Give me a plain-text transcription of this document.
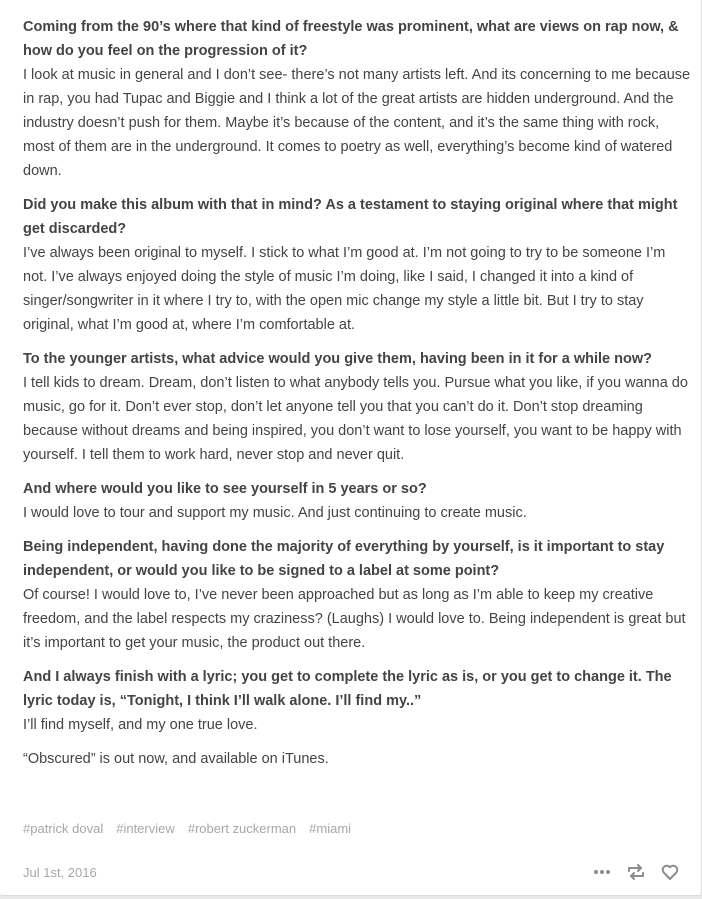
Coming from the 90’s where that kind of freestyle was prominent, what are views on rap now, & how do you feel on the progression of it?

I look at music in general and I don’t see- there’s not many artists left. And its concerning to me because in rap, you had Tupac and Biggie and I think a lot of the great artists are hidden underground. And the industry doesn’t push for them. Maybe it’s because of the content, and it’s the same thing with rock, most of them are in the underground. It comes to poetry as well, everything’s become kind of watered down.

Did you make this album with that in mind? As a testament to staying original where that might get discarded?

I’ve always been original to myself. I stick to what I’m good at. I’m not going to try to be someone I’m not. I’ve always enjoyed doing the style of music I’m doing, like I said, I changed it into a kind of singer/songwriter in it where I try to, with the open mic change my style a little bit. But I try to stay original, what I’m good at, where I’m comfortable at.

To the younger artists, what advice would you give them, having been in it for a while now?

I tell kids to dream. Dream, don’t listen to what anybody tells you. Pursue what you like, if you wanna do music, go for it. Don’t ever stop, don’t let anyone tell you that you can’t do it. Don’t stop dreaming because without dreams and being inspired, you don’t want to lose yourself, you want to be happy with yourself. I tell them to work hard, never stop and never quit.

And where would you like to see yourself in 5 years or so?

I would love to tour and support my music. And just continuing to create music.

Being independent, having done the majority of everything by yourself, is it important to stay independent, or would you like to be signed to a label at some point?

Of course! I would love to, I’ve never been approached but as long as I’m able to keep my creative freedom, and the label respects my craziness? (Laughs) I would love to. Being independent is great but it’s important to get your music, the product out there.

And I always finish with a lyric; you get to complete the lyric as is, or you get to change it. The lyric today is, “Tonight, I think I’ll walk alone. I’ll find my..”

I’ll find myself, and my one true love.

“Obscured” is out now, and available on iTunes.

#patrick doval #interview #robert zuckerman #miami
Jul 1st, 2016
